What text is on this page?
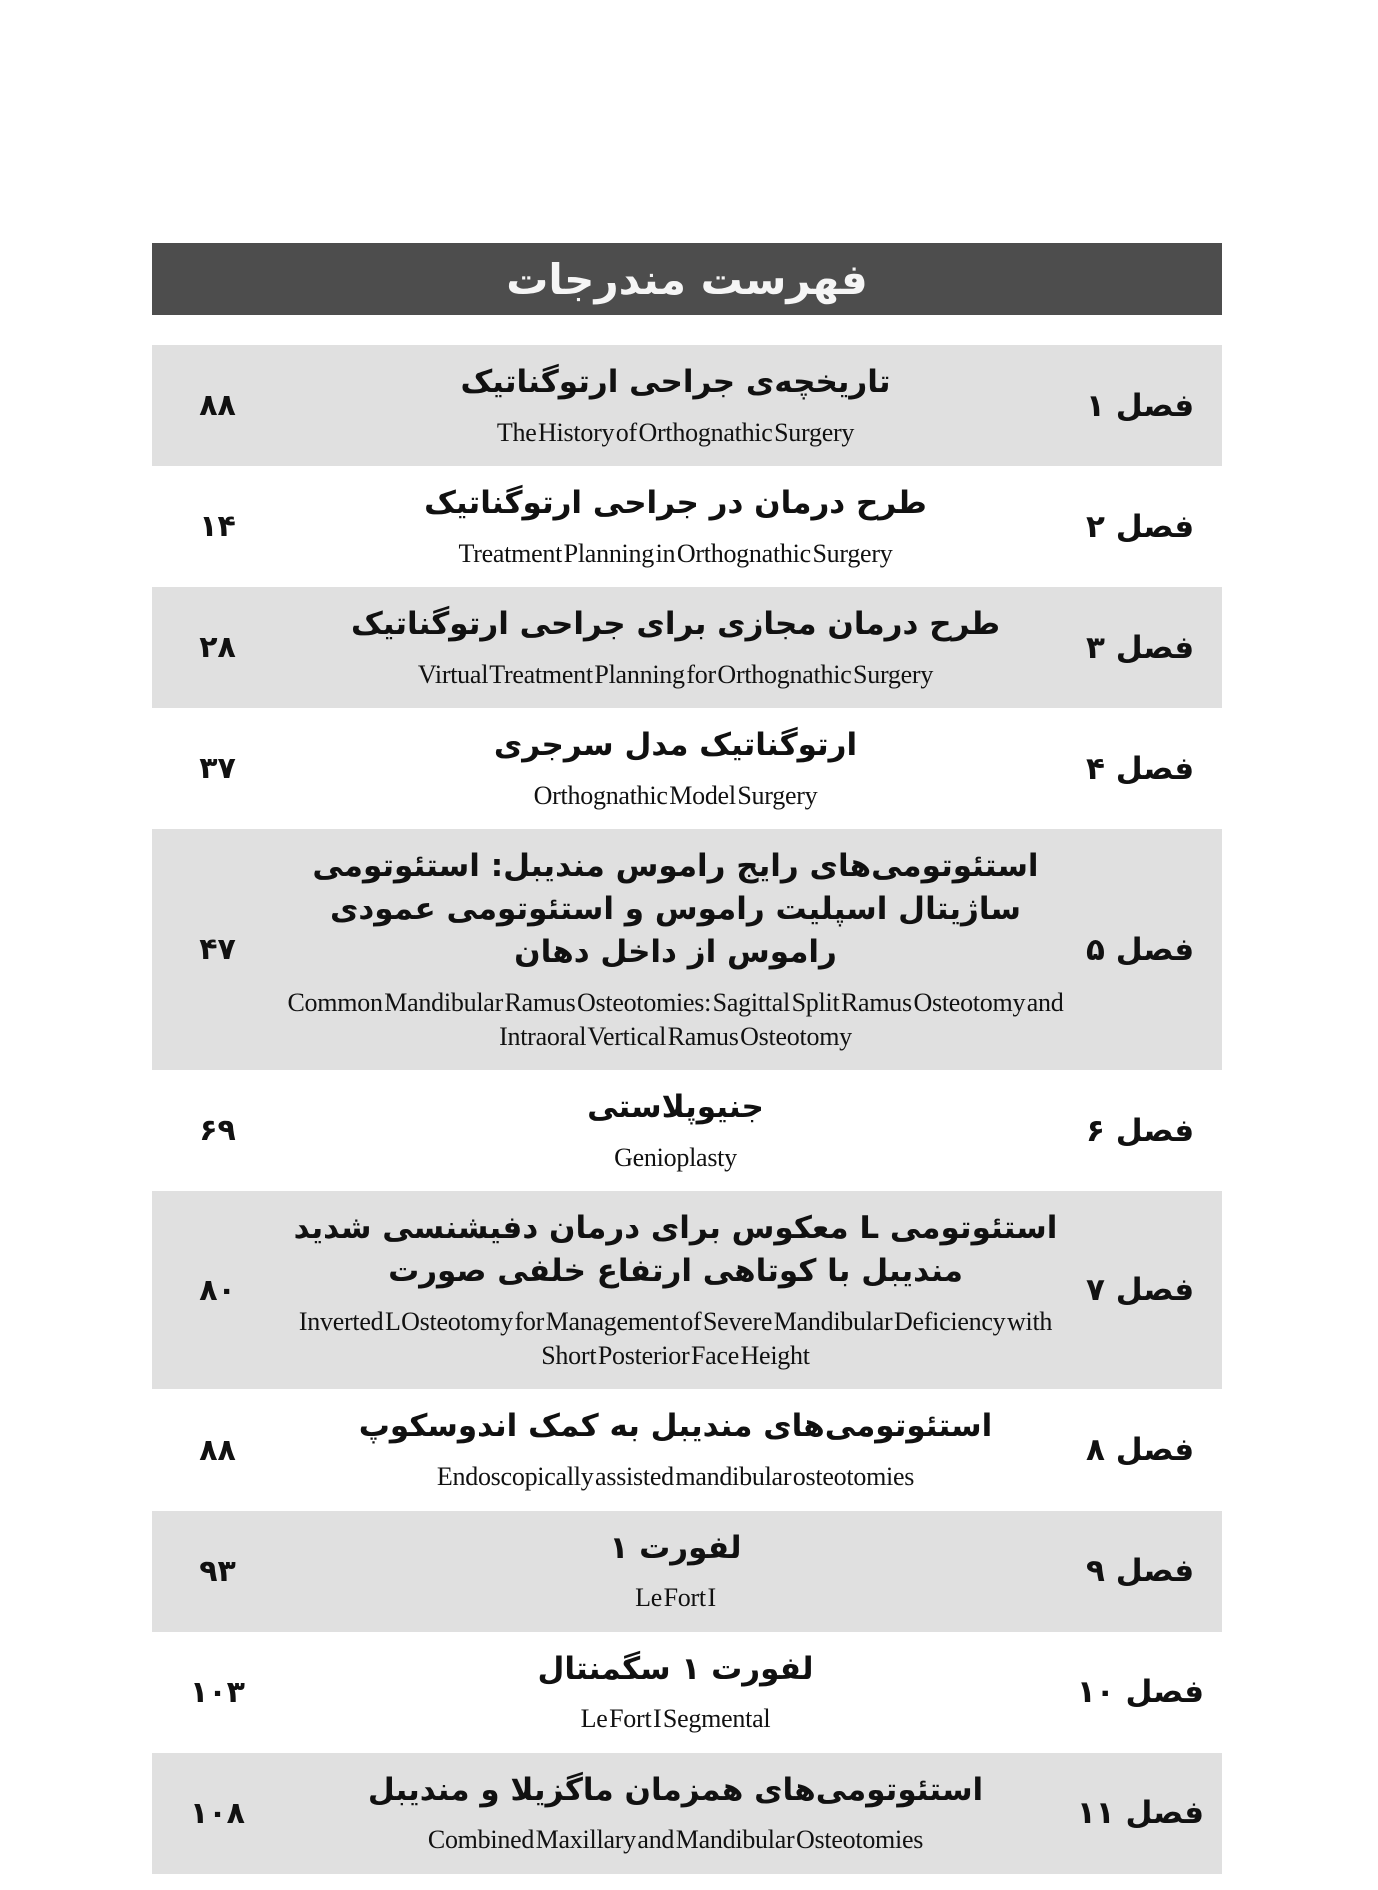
فهرست مندرجات
۸۸
تاریخچه‌ی جراحی ارتوگناتیک
The History of Orthognathic Surgery
فصل ۱
۱۴
طرح درمان در جراحی ارتوگناتیک
Treatment Planning in Orthognathic Surgery
فصل ۲
۲۸
طرح درمان مجازی برای جراحی ارتوگناتیک
Virtual Treatment Planning for Orthognathic Surgery
فصل ۳
۳۷
ارتوگناتیک مدل سرجری
Orthognathic Model Surgery
فصل ۴
۴۷
استئوتومی‌های رایج راموس مندیبل: استئوتومی ساژیتال اسپلیت راموس و استئوتومی عمودی راموس از داخل دهان
Common Mandibular Ramus Osteotomies: Sagittal Split Ramus Osteotomy and Intraoral Vertical Ramus Osteotomy
فصل ۵
۶۹
جنیوپلاستی
Genioplasty
فصل ۶
۸۰
استئوتومی L معکوس برای درمان دفیشنسی شدید مندیبل با کوتاهی ارتفاع خلفی صورت
Inverted L Osteotomy for Management of Severe Mandibular Deficiency with Short Posterior Face Height
فصل ۷
۸۸
استئوتومی‌های مندیبل به کمک اندوسکوپ
Endoscopically assisted mandibular osteotomies
فصل ۸
۹۳
لفورت ۱
Le Fort I
فصل ۹
۱۰۳
لفورت ۱ سگمنتال
Le Fort I Segmental
فصل ۱۰
۱۰۸
استئوتومی‌های همزمان ماگزیلا و مندیبل
Combined Maxillary and Mandibular Osteotomies
فصل ۱۱
